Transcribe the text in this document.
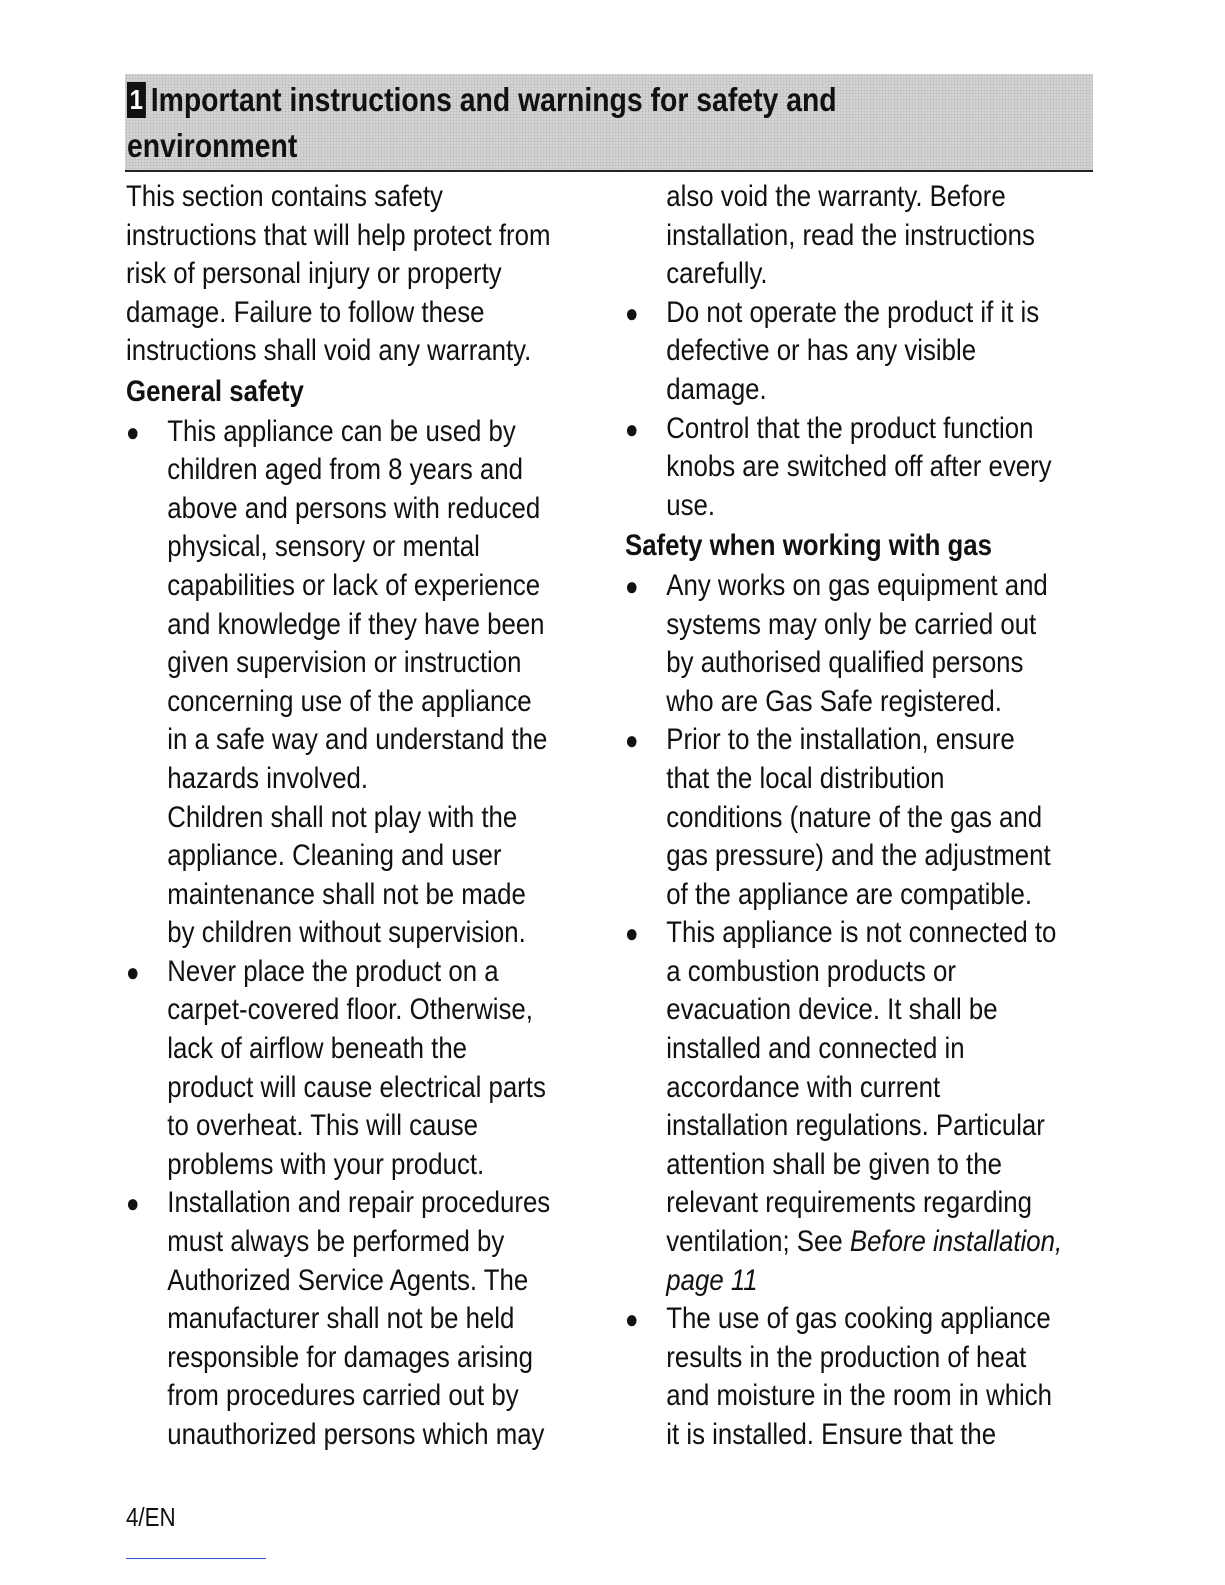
1 Important instructions and warnings for safety and environment

This section contains safety

instructions that will help protect from

risk of personal injury or property

damage. Failure to follow these

instructions shall void any warranty.

General safety

● This appliance can be used by

children aged from 8 years and

above and persons with reduced

physical, sensory or mental

capabilities or lack of experience

and knowledge if they have been

given supervision or instruction

concerning use of the appliance

in a safe way and understand the

hazards involved.

Children shall not play with the

appliance. Cleaning and user

maintenance shall not be made

by children without supervision.

● Never place the product on a

carpet-covered floor. Otherwise,

lack of airflow beneath the

product will cause electrical parts

to overheat. This will cause

problems with your product.

● Installation and repair procedures

must always be performed by

Authorized Service Agents. The

manufacturer shall not be held

responsible for damages arising

from procedures carried out by

unauthorized persons which may

also void the warranty. Before

installation, read the instructions

carefully.

● Do not operate the product if it is

defective or has any visible

damage.

● Control that the product function

knobs are switched off after every

use.

Safety when working with gas

● Any works on gas equipment and

systems may only be carried out

by authorised qualified persons

who are Gas Safe registered.

● Prior to the installation, ensure

that the local distribution

conditions (nature of the gas and

gas pressure) and the adjustment

of the appliance are compatible.

● This appliance is not connected to

a combustion products or

evacuation device. It shall be

installed and connected in

accordance with current

installation regulations. Particular

attention shall be given to the

relevant requirements regarding

ventilation; See Before installation,

page 11

● The use of gas cooking appliance

results in the production of heat

and moisture in the room in which

it is installed. Ensure that the

4/EN
